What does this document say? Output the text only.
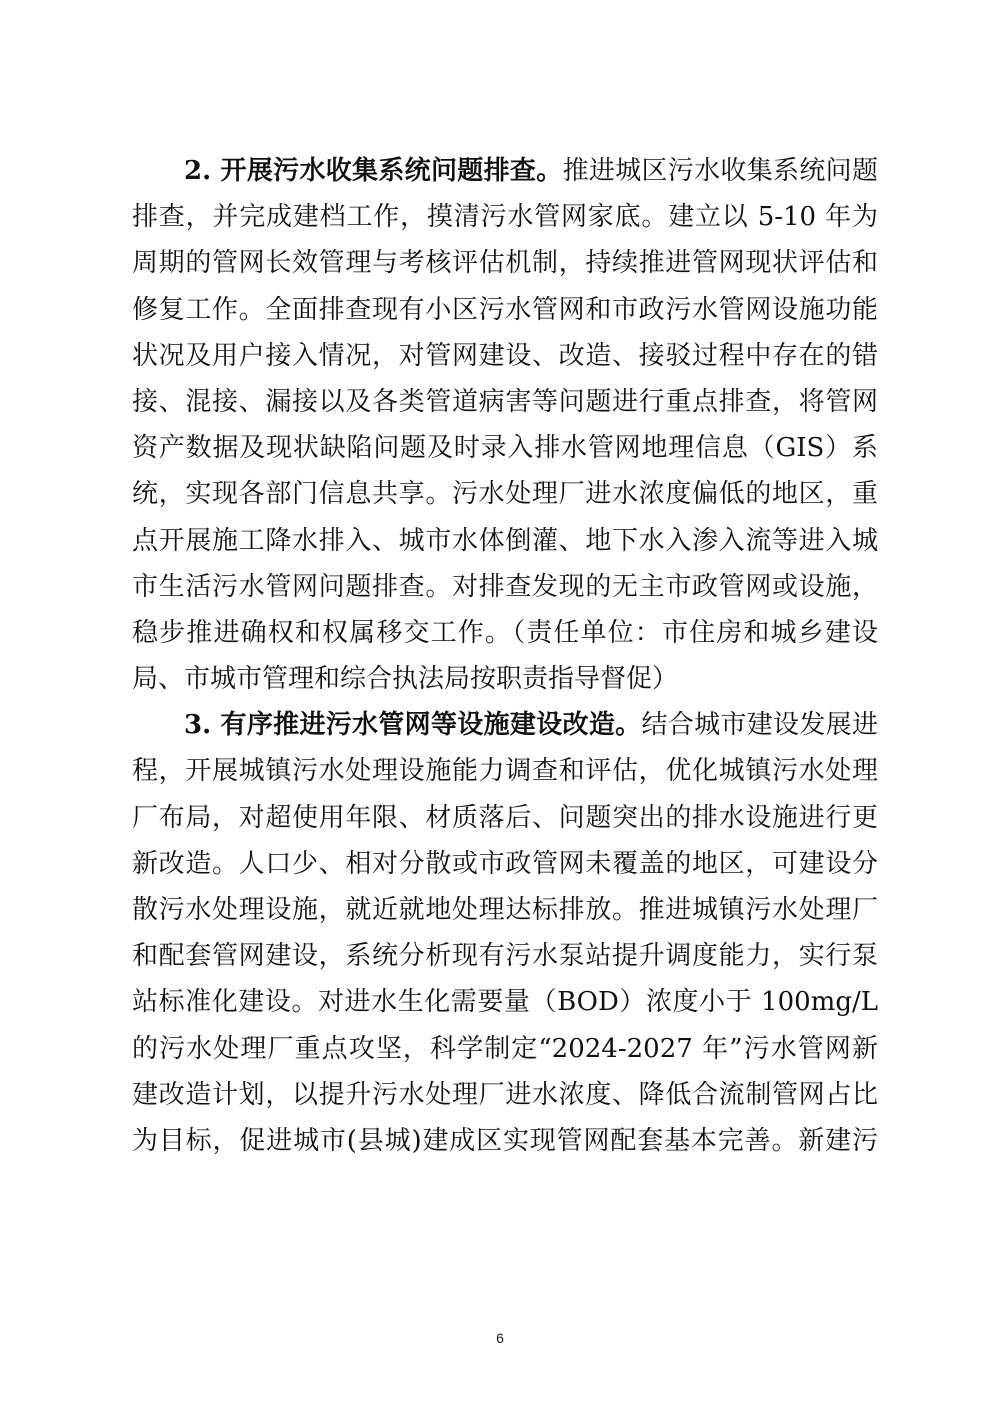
2. 开展污水收集系统问题排查。推进城区污水收集系统问题
排查，并完成建档工作，摸清污水管网家底。建立以 5-10 年为
周期的管网长效管理与考核评估机制，持续推进管网现状评估和
修复工作。全面排查现有小区污水管网和市政污水管网设施功能
状况及用户接入情况，对管网建设、改造、接驳过程中存在的错
接、混接、漏接以及各类管道病害等问题进行重点排查，将管网
资产数据及现状缺陷问题及时录入排水管网地理信息（GIS）系
统，实现各部门信息共享。污水处理厂进水浓度偏低的地区，重
点开展施工降水排入、城市水体倒灌、地下水入渗入流等进入城
市生活污水管网问题排查。对排查发现的无主市政管网或设施，
稳步推进确权和权属移交工作。（责任单位：市住房和城乡建设
局、市城市管理和综合执法局按职责指导督促）
3. 有序推进污水管网等设施建设改造。结合城市建设发展进
程，开展城镇污水处理设施能力调查和评估，优化城镇污水处理
厂布局，对超使用年限、材质落后、问题突出的排水设施进行更
新改造。人口少、相对分散或市政管网未覆盖的地区，可建设分
散污水处理设施，就近就地处理达标排放。推进城镇污水处理厂
和配套管网建设，系统分析现有污水泵站提升调度能力，实行泵
站标准化建设。对进水生化需要量（BOD）浓度小于 100mg/L
的污水处理厂重点攻坚，科学制定“2024-2027 年”污水管网新
建改造计划，以提升污水处理厂进水浓度、降低合流制管网占比
为目标，促进城市(县城)建成区实现管网配套基本完善。新建污
6
